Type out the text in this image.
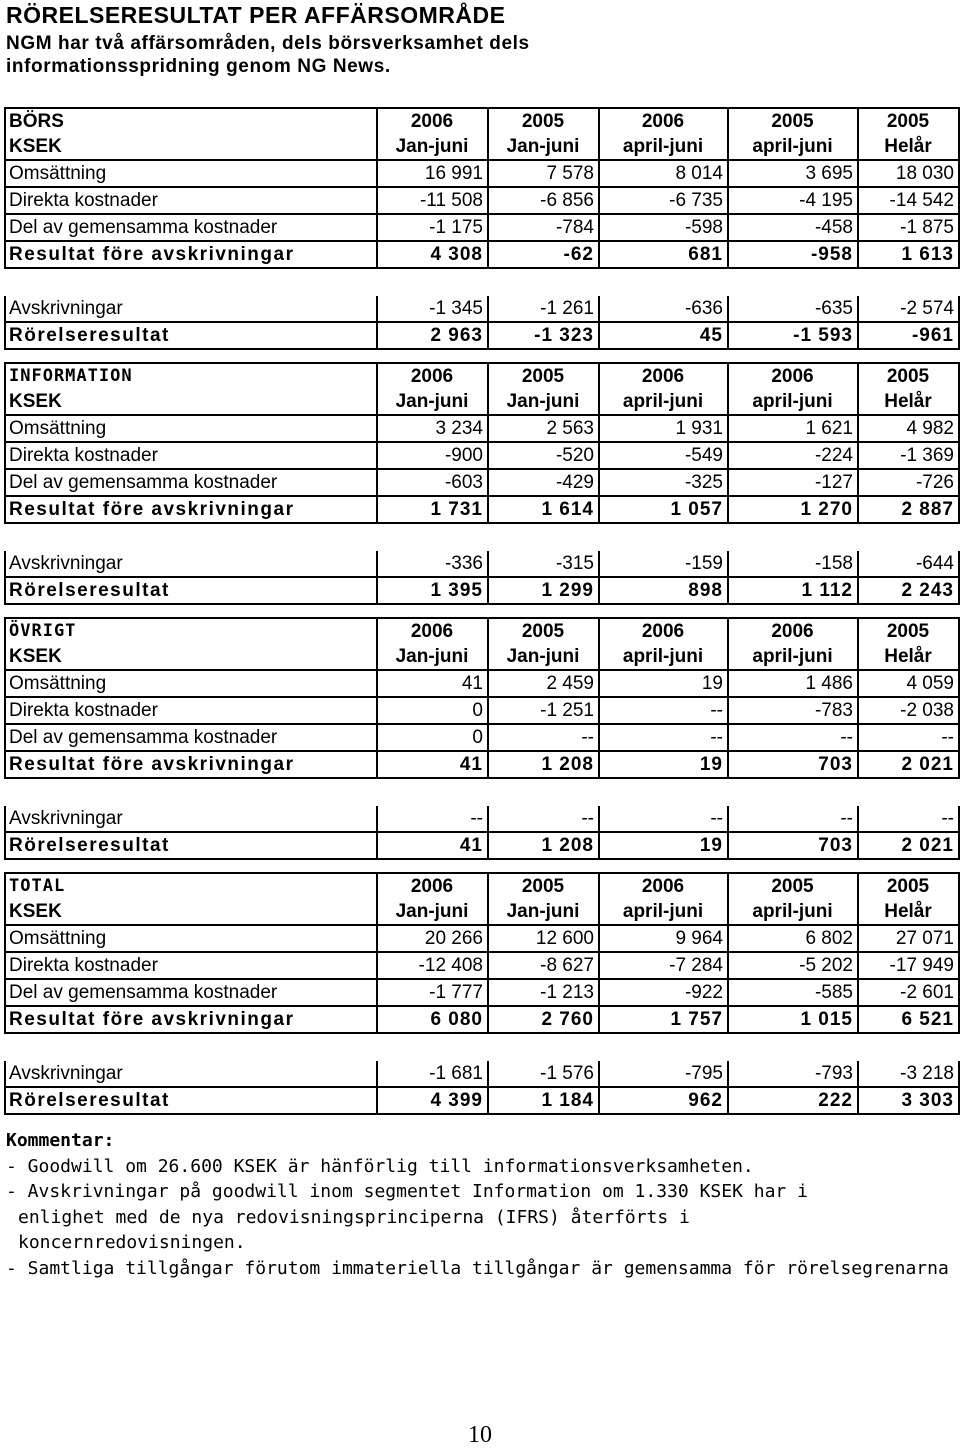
RÖRELSERESULTAT PER AFFÄRSOMRÅDE
NGM har två affärsområden, dels börsverksamhet dels informationsspridning genom NG News.
BÖRS	2006	2005	2006	2005	2005
KSEK	Jan-juni	Jan-juni	april-juni	april-juni	Helår
Omsättning	16 991	7 578	8 014	3 695	18 030
Direkta kostnader	-11 508	-6 856	-6 735	-4 195	-14 542
Del av gemensamma kostnader	-1 175	-784	-598	-458	-1 875
Resultat före avskrivningar	4 308	-62	681	-958	1 613

Avskrivningar	-1 345	-1 261	-636	-635	-2 574
Rörelseresultat	2 963	-1 323	45	-1 593	-961
INFORMATION	2006	2005	2006	2006	2005
KSEK	Jan-juni	Jan-juni	april-juni	april-juni	Helår
Omsättning	3 234	2 563	1 931	1 621	4 982
Direkta kostnader	-900	-520	-549	-224	-1 369
Del av gemensamma kostnader	-603	-429	-325	-127	-726
Resultat före avskrivningar	1 731	1 614	1 057	1 270	2 887

Avskrivningar	-336	-315	-159	-158	-644
Rörelseresultat	1 395	1 299	898	1 112	2 243
ÖVRIGT	2006	2005	2006	2006	2005
KSEK	Jan-juni	Jan-juni	april-juni	april-juni	Helår
Omsättning	41	2 459	19	1 486	4 059
Direkta kostnader	0	-1 251	--	-783	-2 038
Del av gemensamma kostnader	0	--	--	--	--
Resultat före avskrivningar	41	1 208	19	703	2 021

Avskrivningar	--	--	--	--	--
Rörelseresultat	41	1 208	19	703	2 021
TOTAL	2006	2005	2006	2005	2005
KSEK	Jan-juni	Jan-juni	april-juni	april-juni	Helår
Omsättning	20 266	12 600	9 964	6 802	27 071
Direkta kostnader	-12 408	-8 627	-7 284	-5 202	-17 949
Del av gemensamma kostnader	-1 777	-1 213	-922	-585	-2 601
Resultat före avskrivningar	6 080	2 760	1 757	1 015	6 521

Avskrivningar	-1 681	-1 576	-795	-793	-3 218
Rörelseresultat	4 399	1 184	962	222	3 303
Kommentar:
- Goodwill om 26.600 KSEK är hänförlig till informationsverksamheten.
- Avskrivningar på goodwill inom segmentet Information om 1.330 KSEK har i
enlighet med de nya redovisningsprinciperna (IFRS) återförts i
koncernredovisningen.
- Samtliga tillgångar förutom immateriella tillgångar är gemensamma för rörelsegrenarna
10
